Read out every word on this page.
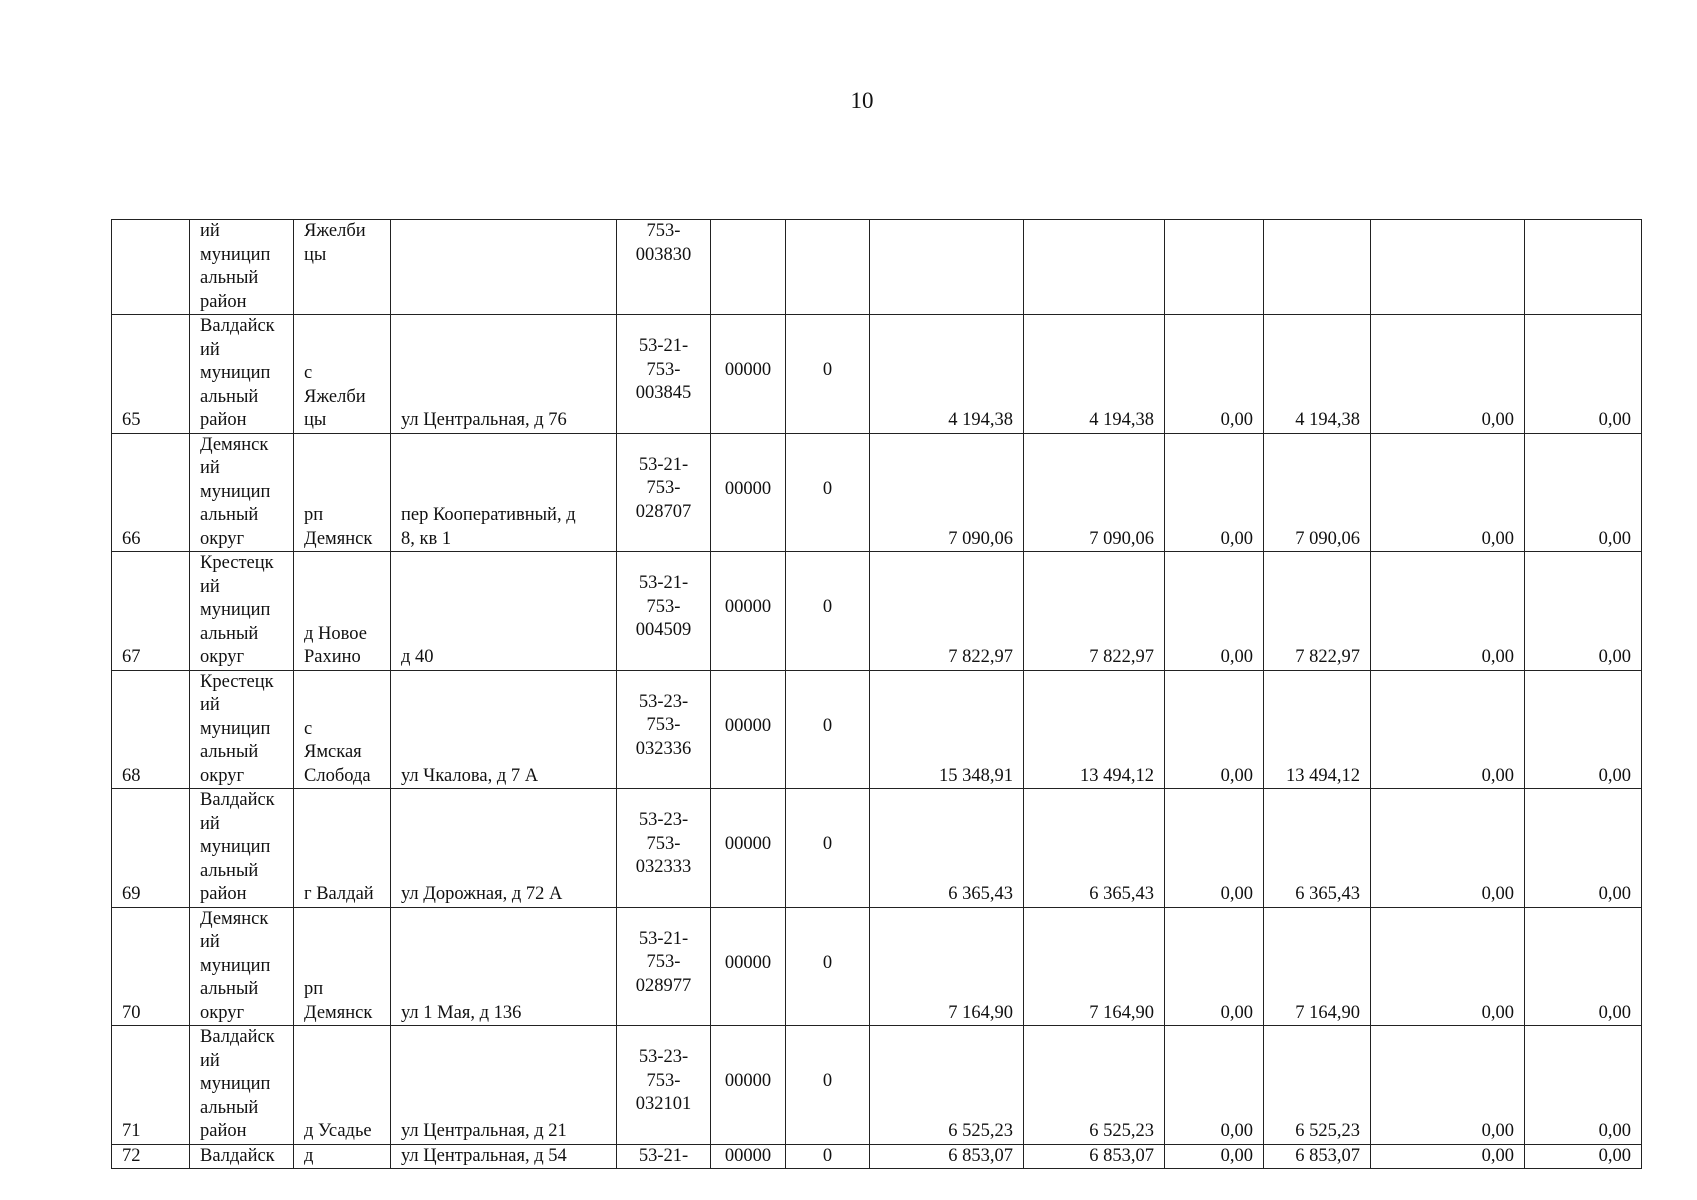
10

	ий
муницип
альный
район	Яжелби
цы		753-
003830								

65	Валдайск
ий
муницип
альный
район	с
Яжелби
цы	ул Центральная, д 76	53-21-
753-
003845	00000	0	4 194,38	4 194,38	0,00	4 194,38	0,00	0,00
66	Демянск
ий
муницип
альный
округ	рп
Демянск	пер Кооперативный, д
8, кв 1	53-21-
753-
028707	00000	0	7 090,06	7 090,06	0,00	7 090,06	0,00	0,00
67	Крестецк
ий
муницип
альный
округ	д Новое
Рахино	д 40	53-21-
753-
004509	00000	0	7 822,97	7 822,97	0,00	7 822,97	0,00	0,00
68	Крестецк
ий
муницип
альный
округ	с
Ямская
Слобода	ул Чкалова, д 7 А	53-23-
753-
032336	00000	0	15 348,91	13 494,12	0,00	13 494,12	0,00	0,00
69	Валдайск
ий
муницип
альный
район	г Валдай	ул Дорожная, д 72 А	53-23-
753-
032333	00000	0	6 365,43	6 365,43	0,00	6 365,43	0,00	0,00
70	Демянск
ий
муницип
альный
округ	рп
Демянск	ул 1 Мая, д 136	53-21-
753-
028977	00000	0	7 164,90	7 164,90	0,00	7 164,90	0,00	0,00
71	Валдайск
ий
муницип
альный
район	д Усадье	ул Центральная, д 21	53-23-
753-
032101	00000	0	6 525,23	6 525,23	0,00	6 525,23	0,00	0,00
72	Валдайск	д	ул Центральная, д 54	53-21-	00000	0	6 853,07	6 853,07	0,00	6 853,07	0,00	0,00
